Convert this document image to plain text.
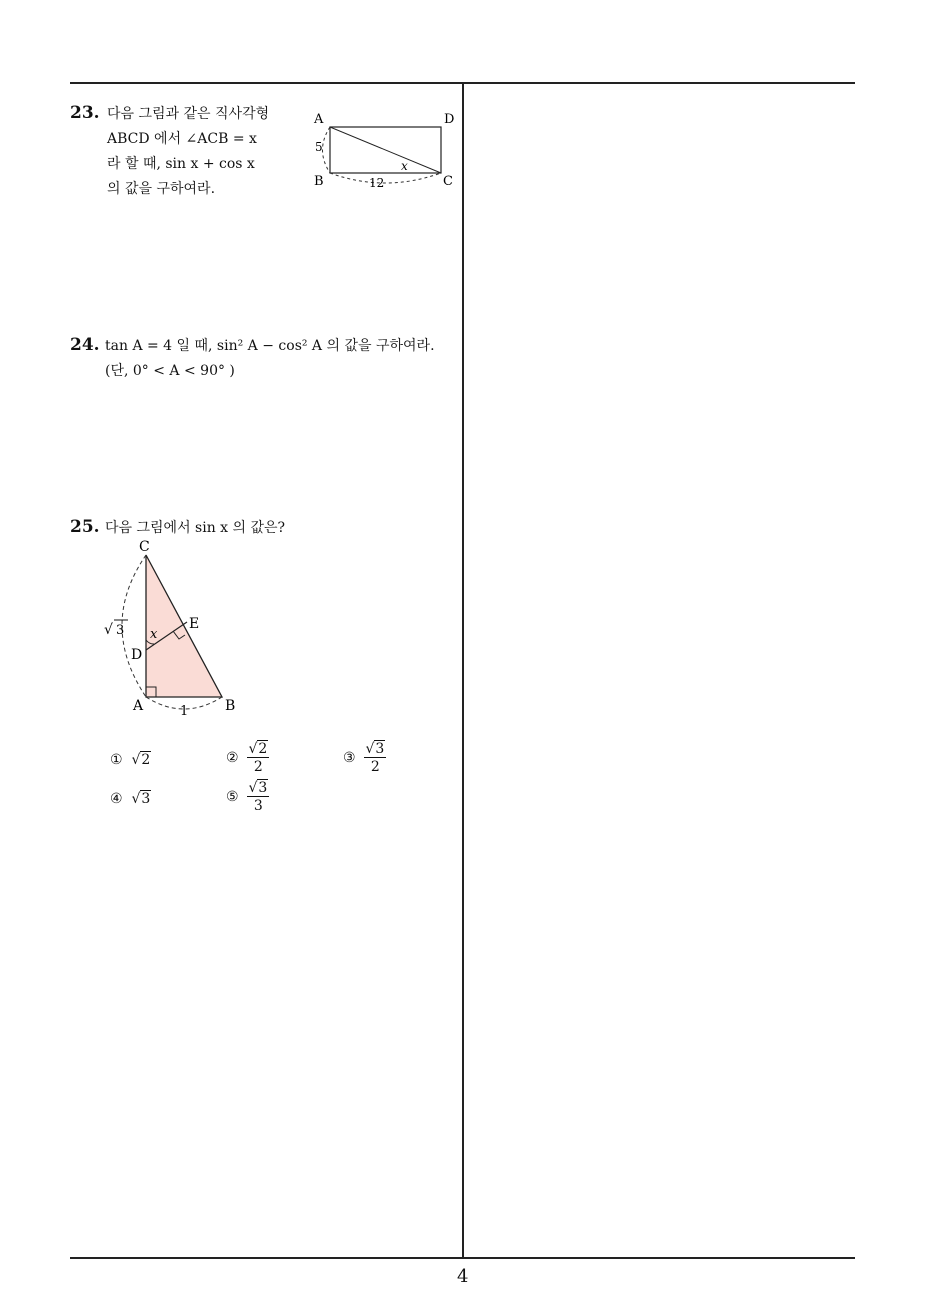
23. 다음 그림과 같은 직사각형
ABCD 에서 ∠ACB = x
라 할 때, sin x + cos x
의 값을 구하여라.
A	D
B	C
5
12
x
24. tan A = 4 일 때, sin² A − cos² A 의 값을 구하여라.
(단, 0° < A < 90° )
25. 다음 그림에서 sin x 의 값은?
C
E
D
A	B
x
√ 3
1
① √2	② $\frac{√2}{2}$	③ $\frac{√3}{2}$
④ √3	⑤ $\frac{√3}{3}$
4
